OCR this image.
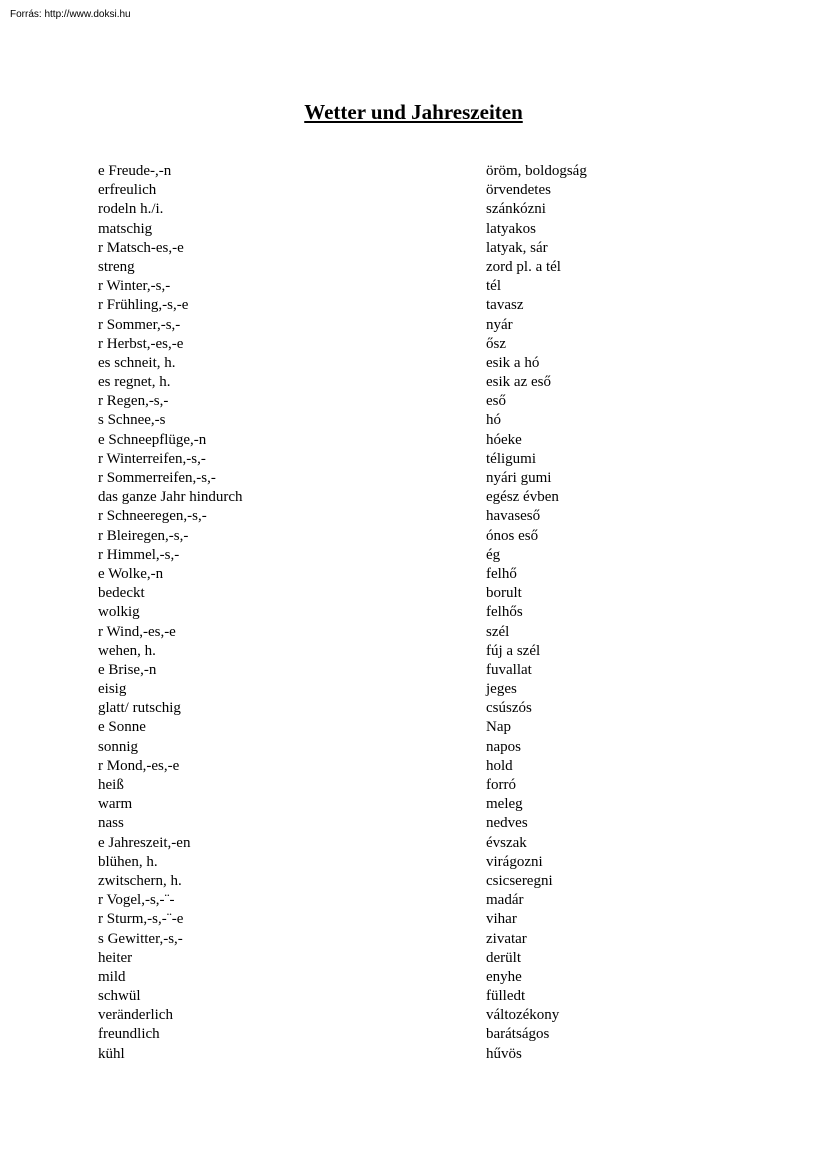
Forrás: http://www.doksi.hu
Wetter und Jahreszeiten
e Freude-,-n	öröm, boldogság
erfreulich	örvendetes
rodeln h./i.	szánkózni
matschig	latyakos
r Matsch-es,-e	latyak, sár
streng	zord pl. a tél
r Winter,-s,-	tél
r Frühling,-s,-e	tavasz
r Sommer,-s,-	nyár
r Herbst,-es,-e	ősz
es schneit, h.	esik a hó
es regnet, h.	esik az eső
r Regen,-s,-	eső
s Schnee,-s	hó
e Schneepflüge,-n	hóeke
r Winterreifen,-s,-	téligumi
r Sommerreifen,-s,-	nyári gumi
das ganze Jahr hindurch	egész évben
r Schneeregen,-s,-	havaseső
r Bleiregen,-s,-	ónos eső
r Himmel,-s,-	ég
e Wolke,-n	felhő
bedeckt	borult
wolkig	felhős
r Wind,-es,-e	szél
wehen, h.	fúj a szél
e Brise,-n	fuvallat
eisig	jeges
glatt/ rutschig	csúszós
e Sonne	Nap
sonnig	napos
r Mond,-es,-e	hold
heiß	forró
warm	meleg
nass	nedves
e Jahreszeit,-en	évszak
blühen, h.	virágozni
zwitschern, h.	csicseregni
r Vogel,-s,-¨-	madár
r Sturm,-s,-¨-e	vihar
s Gewitter,-s,-	zivatar
heiter	derült
mild	enyhe
schwül	fülledt
veränderlich	változékony
freundlich	barátságos
kühl	hűvös
